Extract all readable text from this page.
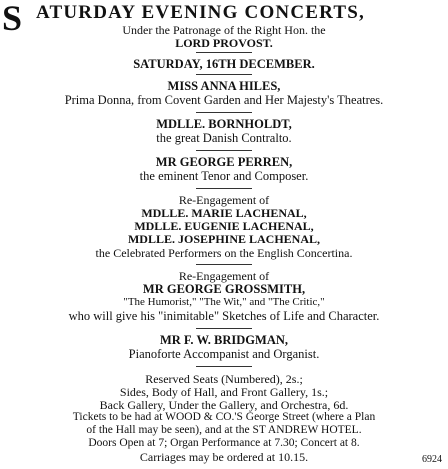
S ATURDAY EVENING CONCERTS,
Under the Patronage of the Right Hon. the
LORD PROVOST.
SATURDAY, 16TH DECEMBER.
MISS ANNA HILES,
Prima Donna, from Covent Garden and Her Majesty's Theatres.
MDLLE. BORNHOLDT,
the great Danish Contralto.
MR GEORGE PERREN,
the eminent Tenor and Composer.
Re-Engagement of
MDLLE. MARIE LACHENAL,
MDLLE. EUGENIE LACHENAL,
MDLLE. JOSEPHINE LACHENAL,
the Celebrated Performers on the English Concertina.
Re-Engagement of
MR GEORGE GROSSMITH,
"The Humorist," "The Wit," and "The Critic,"
who will give his "inimitable" Sketches of Life and Character.
MR F. W. BRIDGMAN,
Pianoforte Accompanist and Organist.
Reserved Seats (Numbered), 2s.;
Sides, Body of Hall, and Front Gallery, 1s.;
Back Gallery, Under the Gallery, and Orchestra, 6d.
Tickets to be had at WOOD & CO.'S George Street (where a Plan
of the Hall may be seen), and at the ST ANDREW HOTEL.
Doors Open at 7; Organ Performance at 7.30; Concert at 8.
Carriages may be ordered at 10.15.	6924
